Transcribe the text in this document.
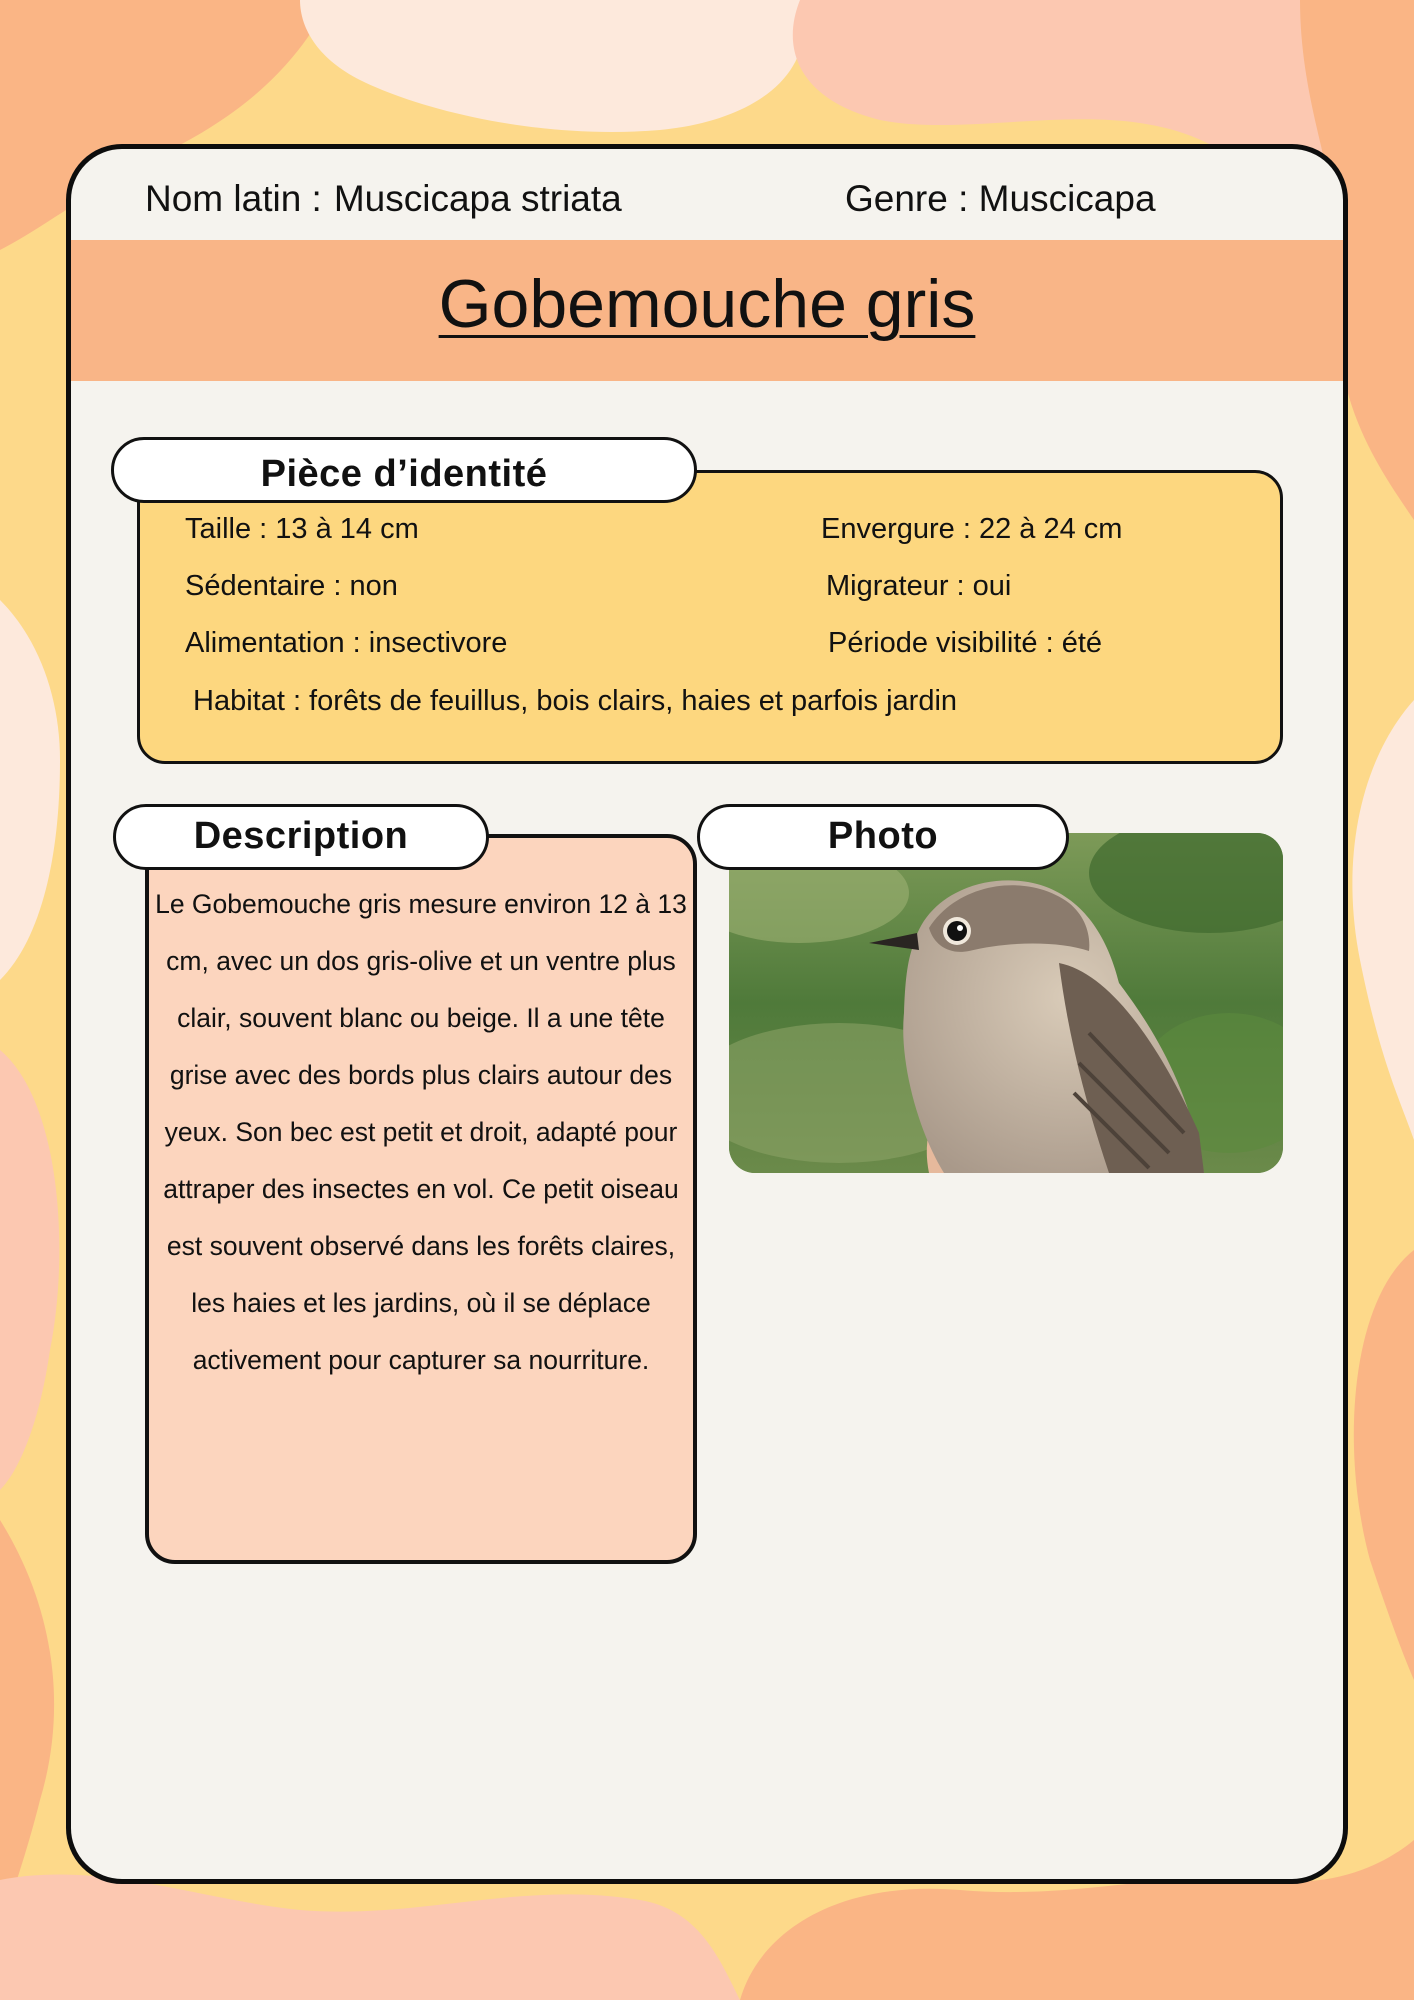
Nom latin : Muscicapa striata	Genre : Muscicapa
Gobemouche gris
Pièce d’identité
Taille : 13 à 14 cm	Envergure : 22 à 24 cm
Sédentaire : non	Migrateur : oui
Alimentation : insectivore	Période visibilité : été
Habitat : forêts de feuillus, bois clairs, haies et parfois jardin

Le Gobemouche gris mesure environ 12 à 13 cm, avec un dos gris-olive et un ventre plus clair, souvent blanc ou beige. Il a une tête grise avec des bords plus clairs autour des yeux. Son bec est petit et droit, adapté pour attraper des insectes en vol. Ce petit oiseau est souvent observé dans les forêts claires, les haies et les jardins, où il se déplace activement pour capturer sa nourriture.

Description	Photo
